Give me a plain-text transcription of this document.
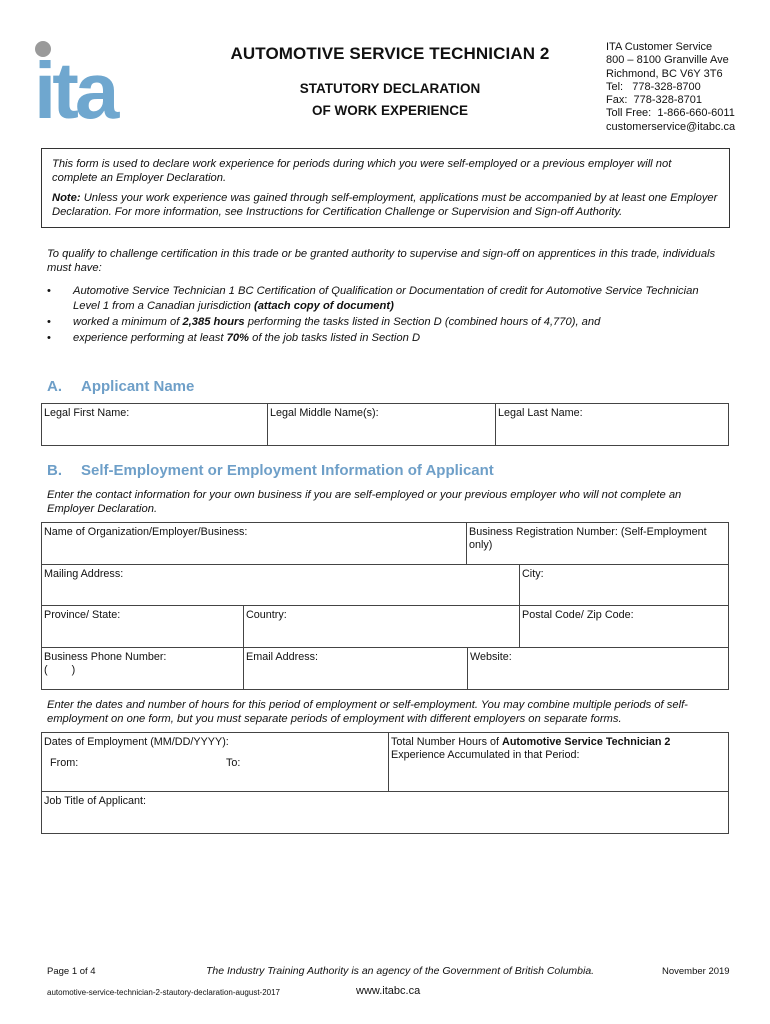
ita	AUTOMOTIVE SERVICE TECHNICIAN 2
STATUTORY DECLARATION
OF WORK EXPERIENCE
ITA Customer Service
800 – 8100 Granville Ave
Richmond, BC V6Y 3T6
Tel:   778-328-8700
Fax:  778-328-8701
Toll Free:  1-866-660-6011
customerservice@itabc.ca

This form is used to declare work experience for periods during which you were self-employed or a previous employer will not complete an Employer Declaration.

Note: Unless your work experience was gained through self-employment, applications must be accompanied by at least one Employer Declaration. For more information, see Instructions for Certification Challenge or Supervision and Sign-off Authority.

To qualify to challenge certification in this trade or be granted authority to supervise and sign-off on apprentices in this trade, individuals must have:
• Automotive Service Technician 1 BC Certification of Qualification or Documentation of credit for Automotive Service Technician Level 1 from a Canadian jurisdiction (attach copy of document)
• worked a minimum of 2,385 hours performing the tasks listed in Section D (combined hours of 4,770), and
• experience performing at least 70% of the job tasks listed in Section D
A. Applicant Name
Legal First Name:	Legal Middle Name(s):	Legal Last Name:
B. Self-Employment or Employment Information of Applicant
Enter the contact information for your own business if you are self-employed or your previous employer who will not complete an Employer Declaration.
Name of Organization/Employer/Business:	Business Registration Number: (Self-Employment only)
Mailing Address:	City:
Province/ State:	Country:	Postal Code/ Zip Code:
Business Phone Number:
(        )
Email Address:	Website:
Enter the dates and number of hours for this period of employment or self-employment. You may combine multiple periods of self-employment on one form, but you must separate periods of employment with different employers on separate forms.
Dates of Employment (MM/DD/YYYY):
From:	To:
Total Number Hours of Automotive Service Technician 2 Experience Accumulated in that Period:
Job Title of Applicant:
Page 1 of 4	The Industry Training Authority is an agency of the Government of British Columbia.	November 2019
automotive-service-technician-2-stautory-declaration-august-2017	www.itabc.ca
